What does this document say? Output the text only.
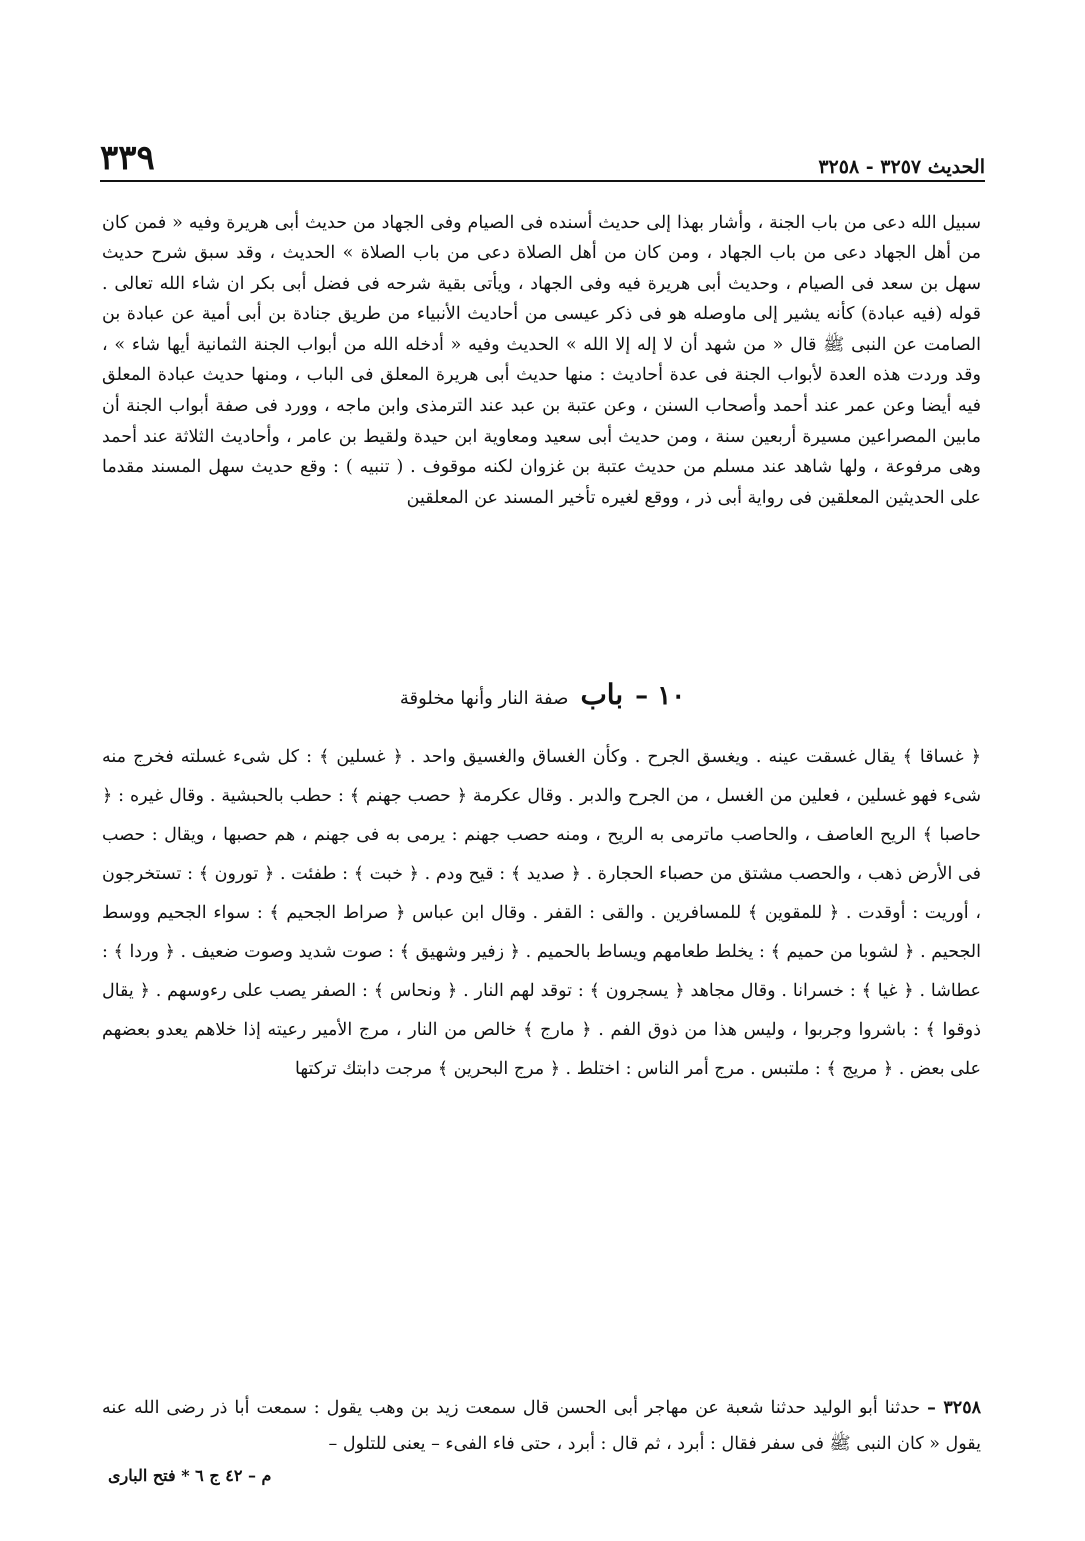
الحديث ٣٢٥٧ - ٣٢٥٨
٣٣٩

سبيل الله دعى من باب الجنة ، وأشار بهذا إلى حديث أسنده فى الصيام وفى الجهاد من حديث أبى هريرة وفيه « فمن كان من أهل الجهاد دعى من باب الجهاد ، ومن كان من أهل الصلاة دعى من باب الصلاة » الحديث ، وقد سبق شرح حديث سهل بن سعد فى الصيام ، وحديث أبى هريرة فيه وفى الجهاد ، ويأتى بقية شرحه فى فضل أبى بكر ان شاء الله تعالى . قوله (فيه عبادة) كأنه يشير إلى ماوصله هو فى ذكر عيسى من أحاديث الأنبياء من طريق جنادة بن أبى أمية عن عبادة بن الصامت عن النبى ﷺ قال « من شهد أن لا إله إلا الله » الحديث وفيه « أدخله الله من أبواب الجنة الثمانية أيها شاء » ، وقد وردت هذه العدة لأبواب الجنة فى عدة أحاديث : منها حديث أبى هريرة المعلق فى الباب ، ومنها حديث عبادة المعلق فيه أيضا وعن عمر عند أحمد وأصحاب السنن ، وعن عتبة بن عبد عند الترمذى وابن ماجه ، وورد فى صفة أبواب الجنة أن مابين المصراعين مسيرة أربعين سنة ، ومن حديث أبى سعيد ومعاوية ابن حيدة ولقيط بن عامر ، وأحاديث الثلاثة عند أحمد وهى مرفوعة ، ولها شاهد عند مسلم من حديث عتبة بن غزوان لكنه موقوف . ( تنبيه ) : وقع حديث سهل المسند مقدما على الحديثين المعلقين فى رواية أبى ذر ، ووقع لغيره تأخير المسند عن المعلقين

١٠ – باب صفة النار وأنها مخلوقة

﴿ غساقا ﴾ يقال غسقت عينه . ويغسق الجرح . وكأن الغساق والغسيق واحد . ﴿ غسلين ﴾ : كل شىء غسلته فخرج منه شىء فهو غسلين ، فعلين من الغسل ، من الجرح والدبر . وقال عكرمة ﴿ حصب جهنم ﴾ : حطب بالحبشية . وقال غيره : ﴿ حاصبا ﴾ الريح العاصف ، والحاصب ماترمى به الريح ، ومنه حصب جهنم : يرمى به فى جهنم ، هم حصبها ، ويقال : حصب فى الأرض ذهب ، والحصب مشتق من حصباء الحجارة . ﴿ صديد ﴾ : قيح ودم . ﴿ خبت ﴾ : طفئت . ﴿ تورون ﴾ : تستخرجون ، أوريت : أوقدت . ﴿ للمقوين ﴾ للمسافرين . والقى : القفر . وقال ابن عباس ﴿ صراط الجحيم ﴾ : سواء الجحيم ووسط الجحيم . ﴿ لشوبا من حميم ﴾ : يخلط طعامهم ويساط بالحميم . ﴿ زفير وشهيق ﴾ : صوت شديد وصوت ضعيف . ﴿ وردا ﴾ : عطاشا . ﴿ غيا ﴾ : خسرانا . وقال مجاهد ﴿ يسجرون ﴾ : توقد لهم النار . ﴿ ونحاس ﴾ : الصفر يصب على رءوسهم . ﴿ يقال ذوقوا ﴾ : باشروا وجربوا ، وليس هذا من ذوق الفم . ﴿ مارج ﴾ خالص من النار ، مرج الأمير رعيته إذا خلاهم يعدو بعضهم على بعض . ﴿ مريج ﴾ : ملتبس . مرج أمر الناس : اختلط . ﴿ مرج البحرين ﴾ مرجت دابتك تركتها

٣٢٥٨ – حدثنا أبو الوليد حدثنا شعبة عن مهاجر أبى الحسن قال سمعت زيد بن وهب يقول : سمعت أبا ذر رضى الله عنه يقول « كان النبى ﷺ فى سفر فقال : أبرد ، ثم قال : أبرد ، حتى فاء الفىء – يعنى للتلول –

م – ٤٢ ج ٦ * فتح البارى
